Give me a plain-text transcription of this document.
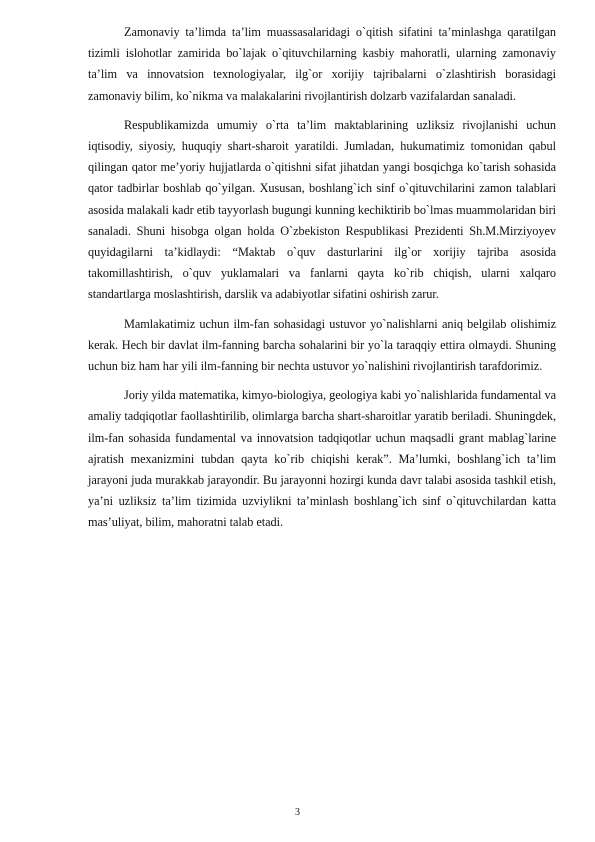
Zamonaviy ta’limda ta’lim muassasalaridagi o`qitish sifatini ta’minlashga qaratilgan tizimli islohotlar zamirida bo`lajak o`qituvchilarning kasbiy mahoratli, ularning zamonaviy ta’lim va innovatsion texnologiyalar, ilg`or xorijiy tajribalarni o`zlashtirish borasidagi zamonaviy bilim, ko`nikma va malakalarini rivojlantirish dolzarb vazifalardan sanaladi.

Respublikamizda umumiy o`rta ta’lim maktablarining uzliksiz rivojlanishi uchun iqtisodiy, siyosiy, huquqiy shart-sharoit yaratildi. Jumladan, hukumatimiz tomonidan qabul qilingan qator me’yoriy hujjatlarda o`qitishni sifat jihatdan yangi bosqichga ko`tarish sohasida qator tadbirlar boshlab qo`yilgan. Xususan, boshlang`ich sinf o`qituvchilarini zamon talablari asosida malakali kadr etib tayyorlash bugungi kunning kechiktirib bo`lmas muammolaridan biri sanaladi. Shuni hisobga olgan holda O`zbekiston Respublikasi Prezidenti Sh.M.Mirziyoyev quyidagilarni ta’kidlaydi: “Maktab o`quv dasturlarini ilg`or xorijiy tajriba asosida takomillashtirish, o`quv yuklamalari va fanlarni qayta ko`rib chiqish, ularni xalqaro standartlarga moslashtirish, darslik va adabiyotlar sifatini oshirish zarur.

Mamlakatimiz uchun ilm-fan sohasidagi ustuvor yo`nalishlarni aniq belgilab olishimiz kerak. Hech bir davlat ilm-fanning barcha sohalarini bir yo`la taraqqiy ettira olmaydi. Shuning uchun biz ham har yili ilm-fanning bir nechta ustuvor yo`nalishini rivojlantirish tarafdorimiz.

Joriy yilda matematika, kimyo-biologiya, geologiya kabi yo`nalishlarida fundamental va amaliy tadqiqotlar faollashtirilib, olimlarga barcha shart-sharoitlar yaratib beriladi. Shuningdek, ilm-fan sohasida fundamental va innovatsion tadqiqotlar uchun maqsadli grant mablag`larine ajratish mexanizmini tubdan qayta ko`rib chiqishi kerak”. Ma’lumki, boshlang`ich ta’lim jarayoni juda murakkab jarayondir. Bu jarayonni hozirgi kunda davr talabi asosida tashkil etish, ya’ni uzliksiz ta’lim tizimida uzviylikni ta’minlash boshlang`ich sinf o`qituvchilardan katta mas’uliyat, bilim, mahoratni talab etadi.

3
